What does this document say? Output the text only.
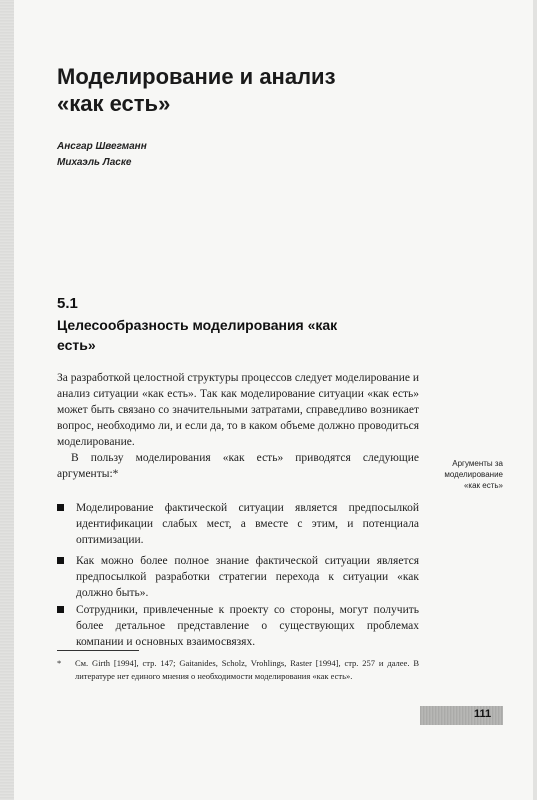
Моделирование и анализ
«как есть»
Ансгар Швегманн
Михаэль Ласке
5.1
Целесообразность моделирования «как
есть»

За разработкой целостной структуры процессов следует моделирование и анализ ситуации «как есть». Так как моделирование ситуации «как есть» может быть связано со значительными затратами, справедливо возникает вопрос, необходимо ли, и если да, то в каком объеме должно проводиться моделирование.

В пользу моделирования «как есть» приводятся следующие аргументы:*

Аргументы за
моделирование
«как есть»
Моделирование фактической ситуации является предпосылкой идентификации слабых мест, а вместе с этим, и потенциала оптимизации.
Как можно более полное знание фактической ситуации является предпосылкой разработки стратегии перехода к ситуации «как должно быть».
Сотрудники, привлеченные к проекту со стороны, могут получить более детальное представление о существующих проблемах компании и основных взаимосвязях.
* См. Girth [1994], стр. 147; Gaitanides, Scholz, Vrohlings, Raster [1994], стр. 257 и далее. В литературе нет единого мнения о необходимости моделирования «как есть».
111
